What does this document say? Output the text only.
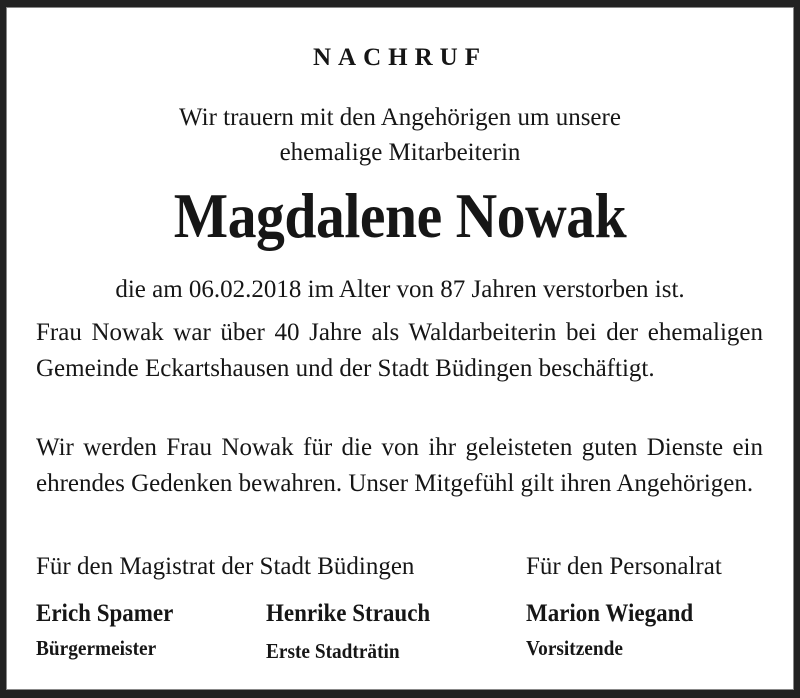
NACHRUF
Wir trauern mit den Angehörigen um unsere
ehemalige Mitarbeiterin
Magdalene Nowak
die am 06.02.2018 im Alter von 87 Jahren verstorben ist.
Frau Nowak war über 40 Jahre als Waldarbeiterin bei der ehemaligen Gemeinde Eckartshausen und der Stadt Büdingen beschäftigt.
Wir werden Frau Nowak für die von ihr geleisteten guten Dienste ein ehrendes Gedenken bewahren. Unser Mitgefühl gilt ihren Angehörigen.
Für den Magistrat der Stadt Büdingen	Für den Personalrat
Erich Spamer
Bürgermeister
Henrike Strauch
Erste Stadträtin
Marion Wiegand
Vorsitzende
